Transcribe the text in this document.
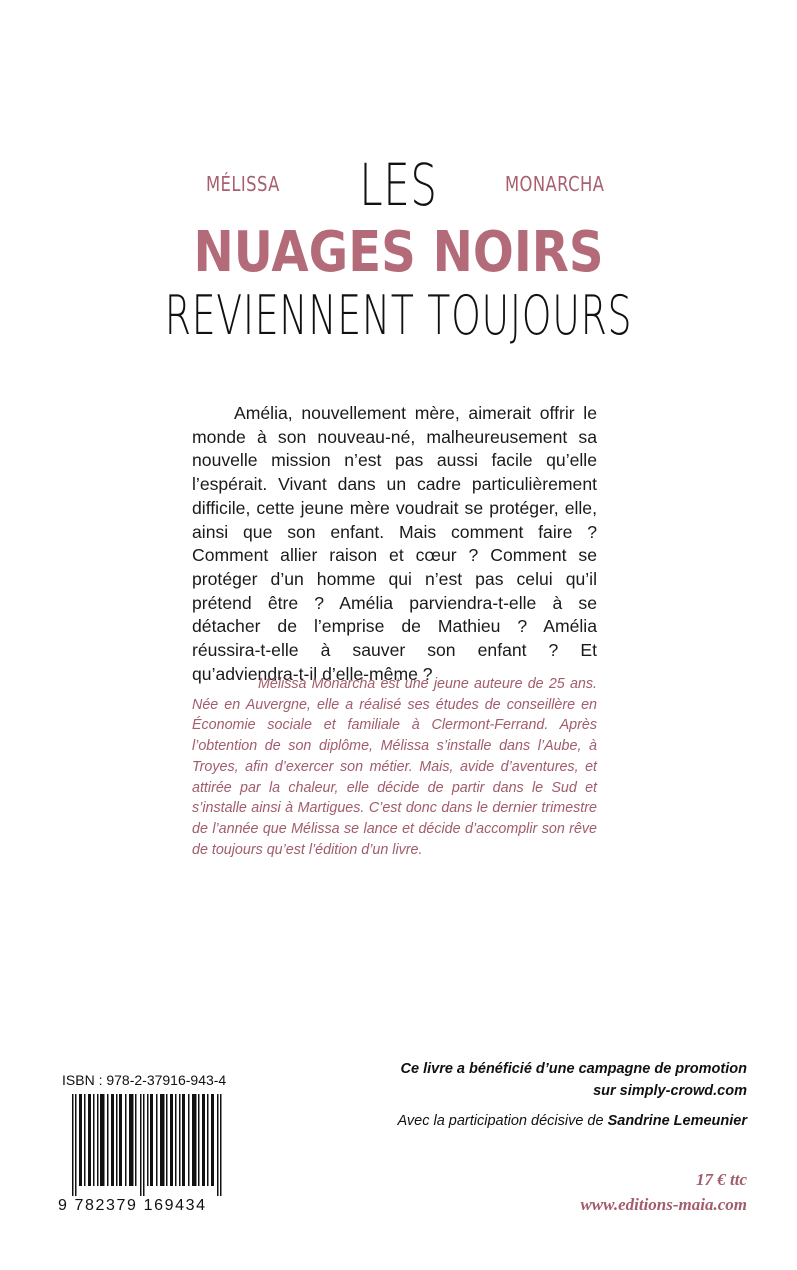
MÉLISSA	MONARCHA
LES
NUAGES NOIRS
REVIENNENT TOUJOURS

Amélia, nouvellement mère, aimerait offrir le monde à son nouveau-né, malheureusement sa nouvelle mission n’est pas aussi facile qu’elle l’espérait. Vivant dans un cadre particulièrement difficile, cette jeune mère voudrait se protéger, elle, ainsi que son enfant. Mais comment faire ? Comment allier raison et cœur ? Comment se protéger d’un homme qui n’est pas celui qu’il prétend être ? Amélia parviendra-t-elle à se détacher de l’emprise de Mathieu ? Amélia réussira-t-elle à sauver son enfant ? Et qu’adviendra-t-il d’elle-même ?

Mélissa Monarcha est une jeune auteure de 25 ans. Née en Auvergne, elle a réalisé ses études de conseillère en Économie sociale et familiale à Clermont-Ferrand. Après l’obtention de son diplôme, Mélissa s’installe dans l’Aube, à Troyes, afin d’exercer son métier. Mais, avide d’aventures, et attirée par la chaleur, elle décide de partir dans le Sud et s’installe ainsi à Martigues. C’est donc dans le dernier trimestre de l’année que Mélissa se lance et décide d’accomplir son rêve de toujours qu’est l’édition d’un livre.

ISBN : 978-2-37916-943-4
9 782379 169434
Ce livre a bénéficié d’une campagne de promotion
sur simply-crowd.com
Avec la participation décisive de Sandrine Lemeunier
17 € ttc
www.editions-maia.com
